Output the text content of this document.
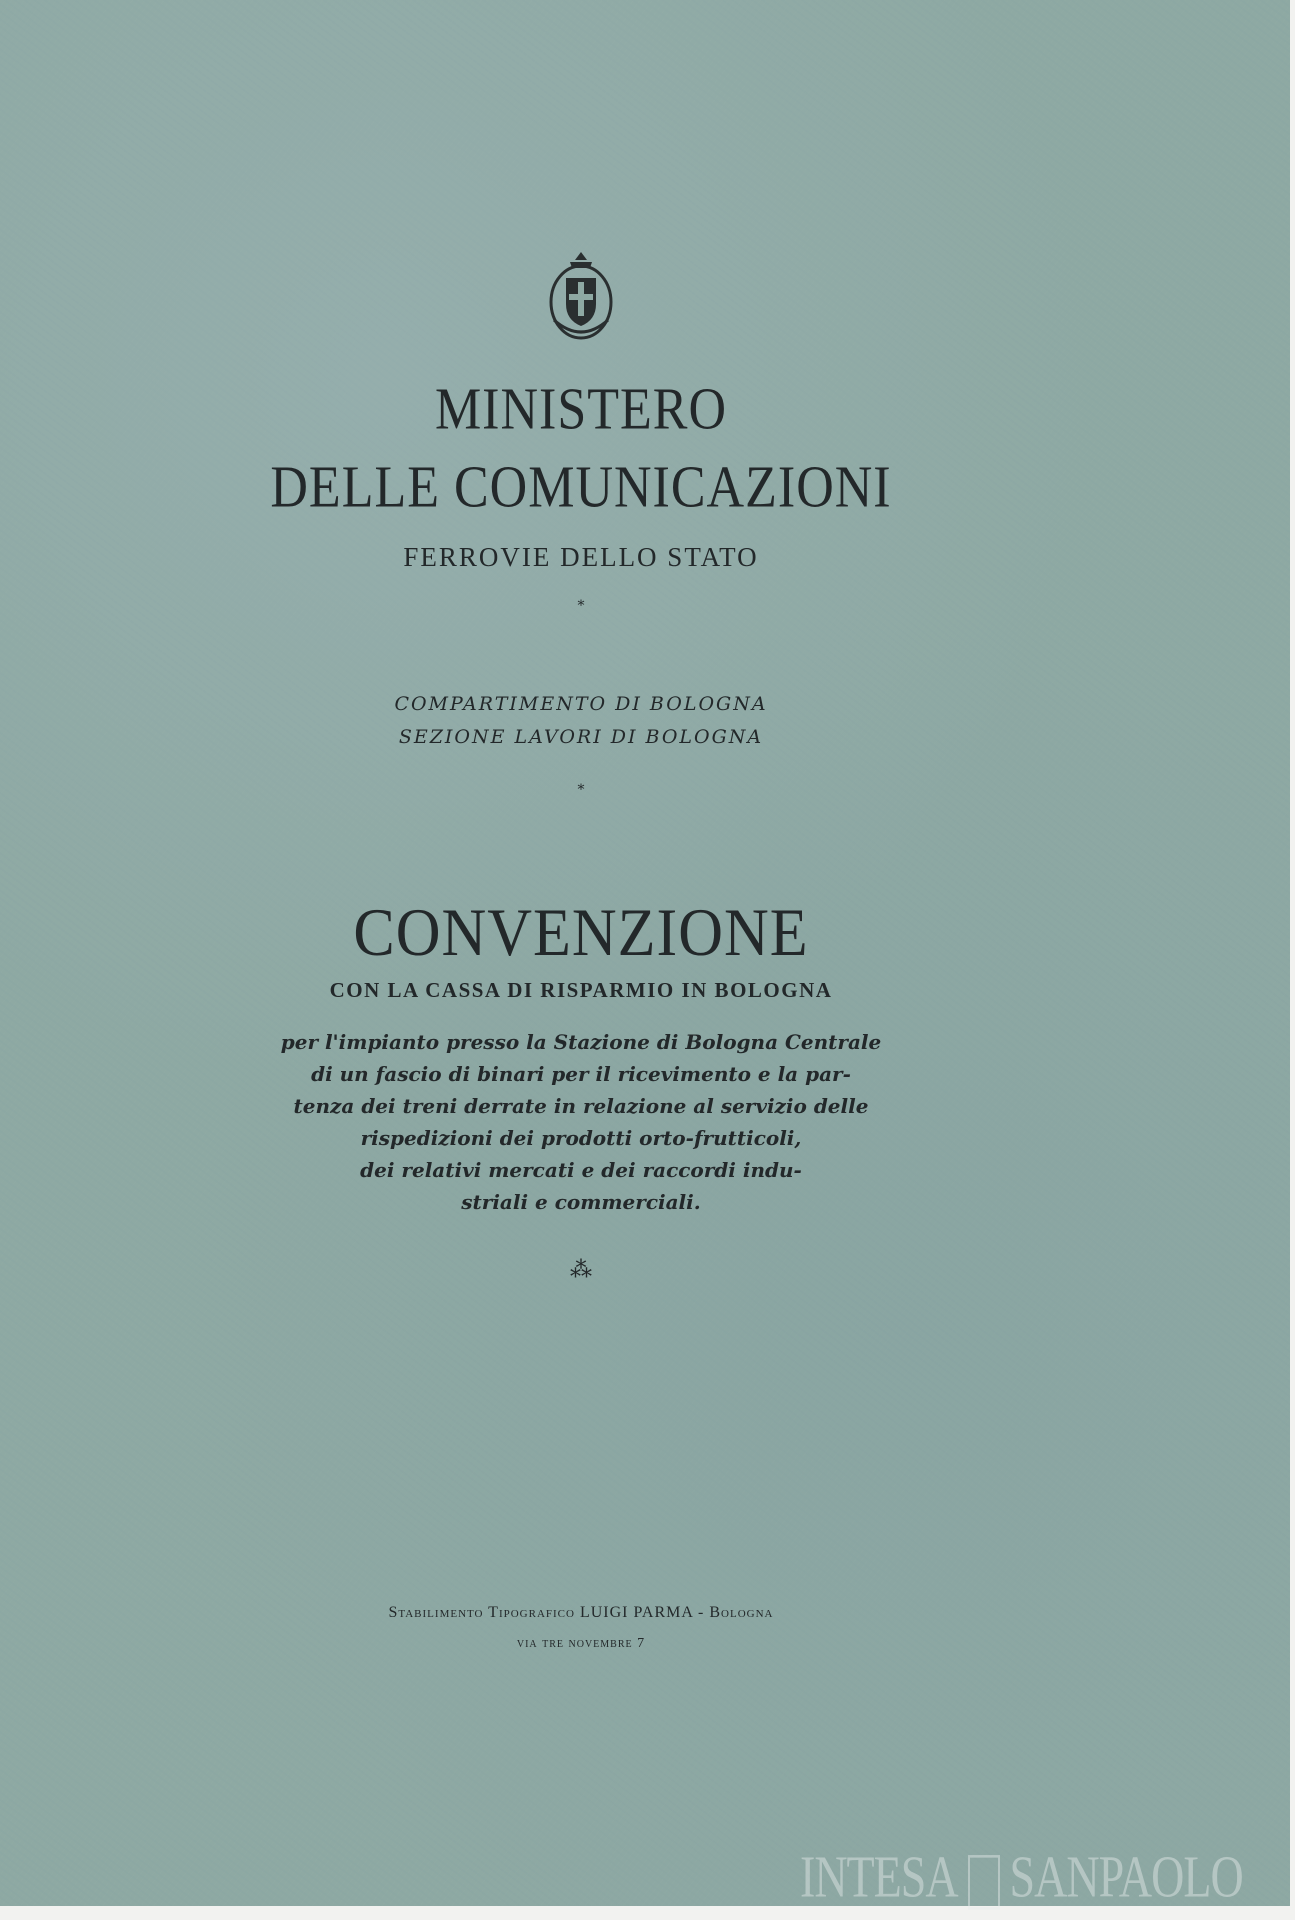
MINISTERO
DELLE COMUNICAZIONI
FERROVIE DELLO STATO
*
COMPARTIMENTO DI BOLOGNA
SEZIONE LAVORI DI BOLOGNA
*
CONVENZIONE
CON LA CASSA DI RISPARMIO IN BOLOGNA
per l'impianto presso la Stazione di Bologna Centrale
di un fascio di binari per il ricevimento e la par-
tenza dei treni derrate in relazione al servizio delle
rispedizioni dei prodotti orto-frutticoli,
dei relativi mercati e dei raccordi indu-
striali e commerciali.
⁂
Stabilimento Tipografico LUIGI PARMA - Bologna
via tre novembre 7
INTESA SANPAOLO
